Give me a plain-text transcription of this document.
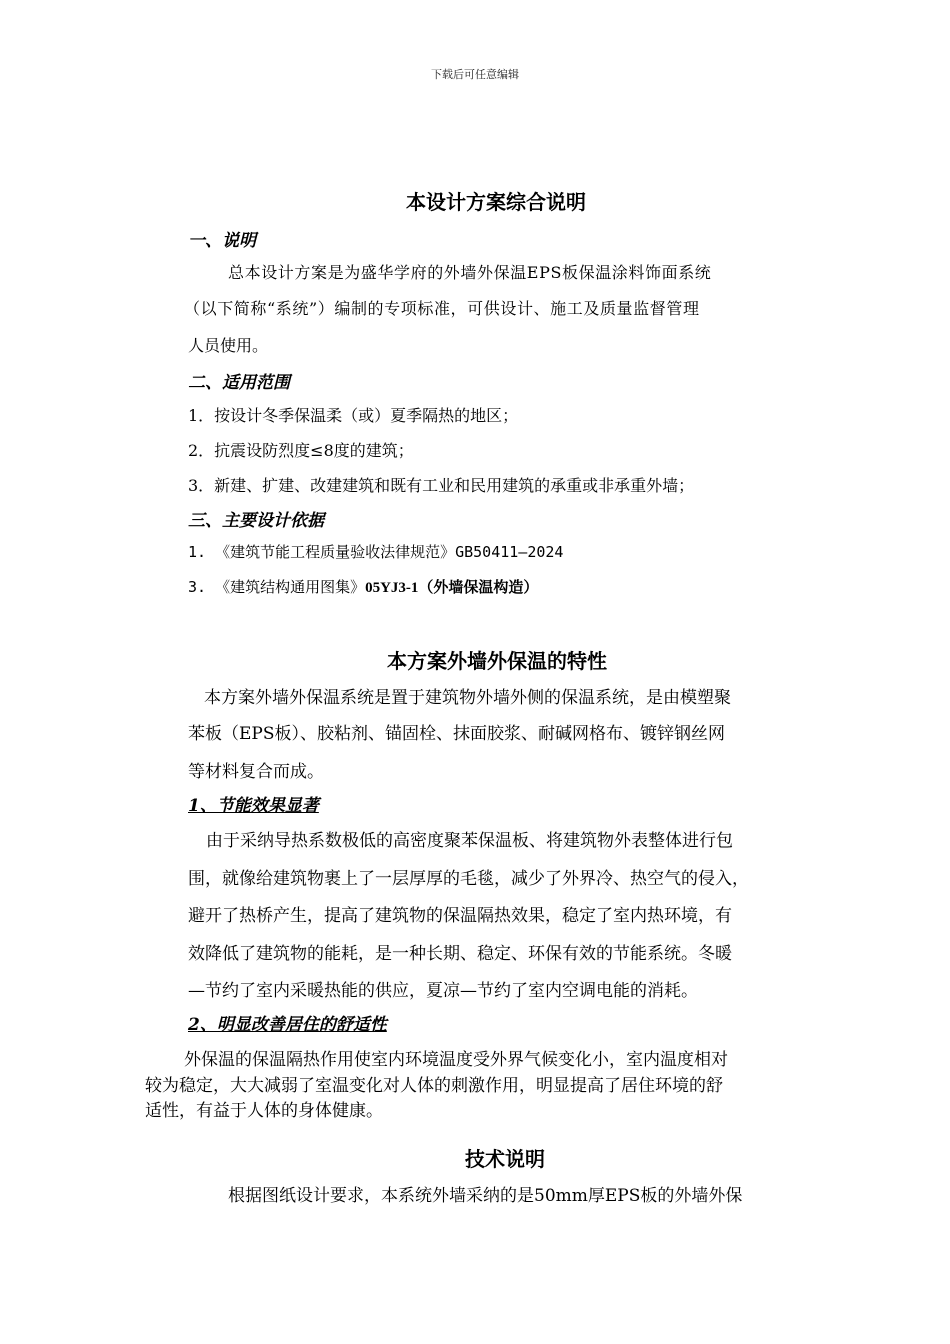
下载后可任意编辑
本设计方案综合说明
一、说明
总本设计方案是为盛华学府的外墙外保温EPS板保温涂料饰面系统
（以下简称“系统”）编制的专项标准，可供设计、施工及质量监督管理
人员使用。
二、适用范围
1．按设计冬季保温柔（或）夏季隔热的地区；
2．抗震设防烈度≤8度的建筑；
3．新建、扩建、改建建筑和既有工业和民用建筑的承重或非承重外墙；
三、主要设计依据
1. 《建筑节能工程质量验收法律规范》GB50411—2024
3. 《建筑结构通用图集》05YJ3-1（外墙保温构造）
本方案外墙外保温的特性
本方案外墙外保温系统是置于建筑物外墙外侧的保温系统，是由模塑聚
苯板（EPS板）、胶粘剂、锚固栓、抹面胶浆、耐碱网格布、镀锌钢丝网
等材料复合而成。
1、节能效果显著
由于采纳导热系数极低的高密度聚苯保温板、将建筑物外表整体进行包
围，就像给建筑物裹上了一层厚厚的毛毯，减少了外界冷、热空气的侵入，
避开了热桥产生，提高了建筑物的保温隔热效果，稳定了室内热环境，有
效降低了建筑物的能耗，是一种长期、稳定、环保有效的节能系统。冬暖
—节约了室内采暖热能的供应，夏凉—节约了室内空调电能的消耗。
2、明显改善居住的舒适性
外保温的保温隔热作用使室内环境温度受外界气候变化小，室内温度相对
较为稳定，大大减弱了室温变化对人体的刺激作用，明显提高了居住环境的舒
适性，有益于人体的身体健康。
技术说明
根据图纸设计要求，本系统外墙采纳的是50mm厚EPS板的外墙外保
